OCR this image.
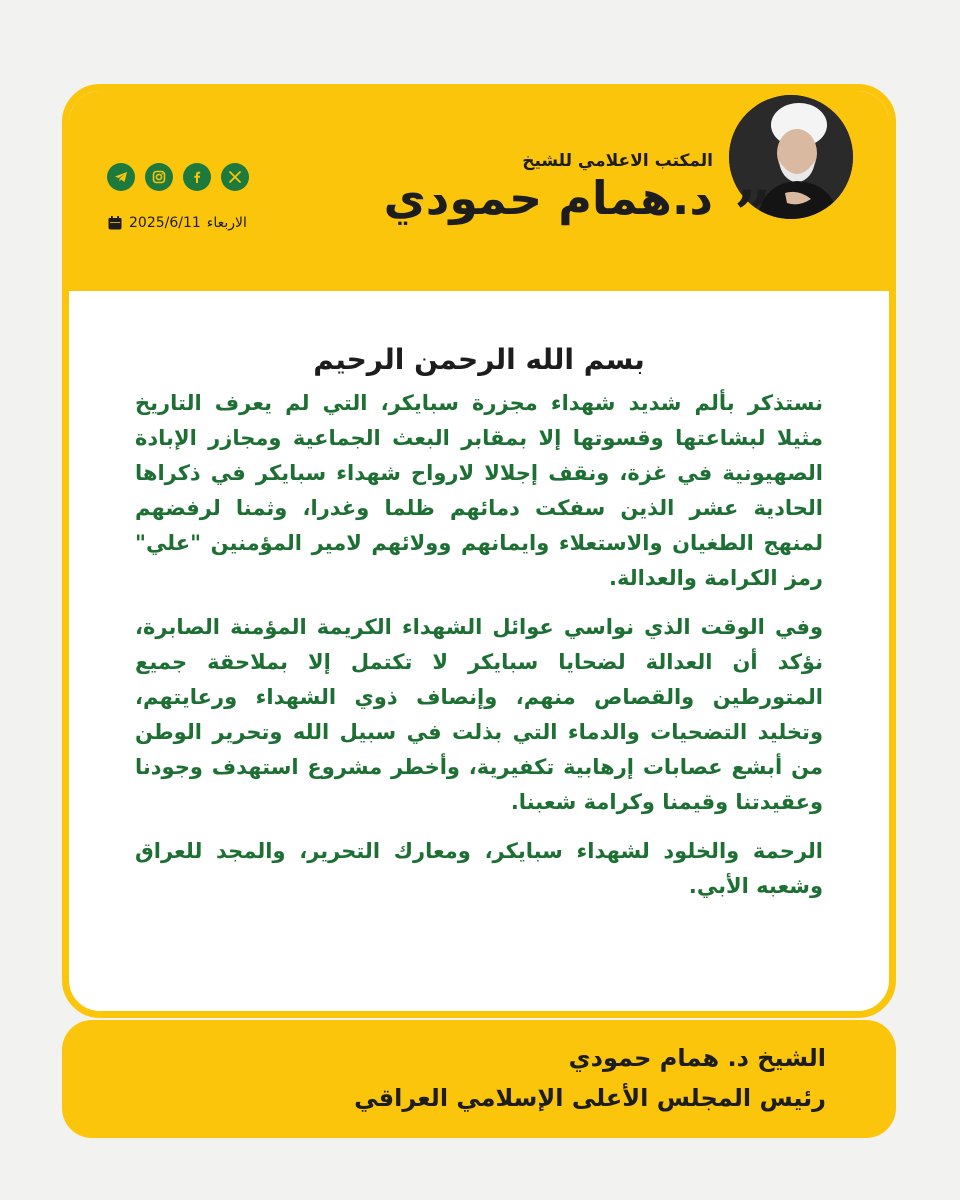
”
المكتب الاعلامي للشيخ
د.همام حمودي
الاربعاء
2025/6/11
بسم الله الرحمن الرحيم

نستذكر بألم شديد شهداء مجزرة سبايكر، التي لم يعرف التاريخ مثيلا لبشاعتها وقسوتها إلا بمقابر البعث الجماعية ومجازر الإبادة الصهيونية في غزة، ونقف إجلالا لارواح شهداء سبايكر في ذكراها الحادية عشر الذين سفكت دمائهم ظلما وغدرا، وثمنا لرفضهم لمنهج الطغيان والاستعلاء وايمانهم وولائهم لامير المؤمنين "علي" رمز الكرامة والعدالة.

وفي الوقت الذي نواسي عوائل الشهداء الكريمة المؤمنة الصابرة، نؤكد أن العدالة لضحايا سبايكر لا تكتمل إلا بملاحقة جميع المتورطين والقصاص منهم، وإنصاف ذوي الشهداء ورعايتهم، وتخليد التضحيات والدماء التي بذلت في سبيل الله وتحرير الوطن من أبشع عصابات إرهابية تكفيرية، وأخطر مشروع استهدف وجودنا وعقيدتنا وقيمنا وكرامة شعبنا.

الرحمة والخلود لشهداء سبايكر، ومعارك التحرير، والمجد للعراق وشعبه الأبي.

الشيخ د. همام حمودي
رئيس المجلس الأعلى الإسلامي العراقي
